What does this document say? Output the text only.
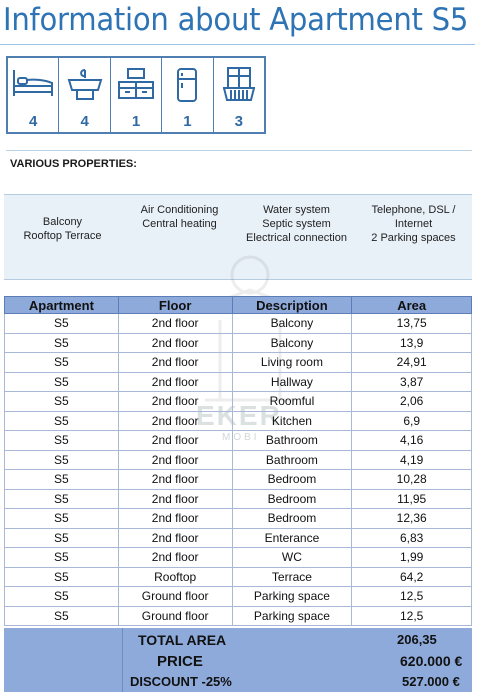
Information about Apartment S5
4	4	1	1	3
VARIOUS PROPERTIES:
Balcony
Rooftop Terrace
Air Conditioning
Central heating
Water system
Septic system
Electrical connection
Telephone, DSL /
Internet
2 Parking spaces
EKER
MOBI
Apartment	Floor	Description	Area
S5	2nd floor	Balcony	13,75
S5	2nd floor	Balcony	13,9
S5	2nd floor	Living room	24,91
S5	2nd floor	Hallway	3,87
S5	2nd floor	Roomful	2,06
S5	2nd floor	Kitchen	6,9
S5	2nd floor	Bathroom	4,16
S5	2nd floor	Bathroom	4,19
S5	2nd floor	Bedroom	10,28
S5	2nd floor	Bedroom	11,95
S5	2nd floor	Bedroom	12,36
S5	2nd floor	Enterance	6,83
S5	2nd floor	WC	1,99
S5	Rooftop	Terrace	64,2
S5	Ground floor	Parking space	12,5
S5	Ground floor	Parking space	12,5
TOTAL AREA	206,35
PRICE	620.000 €
DISCOUNT -25%	527.000 €
